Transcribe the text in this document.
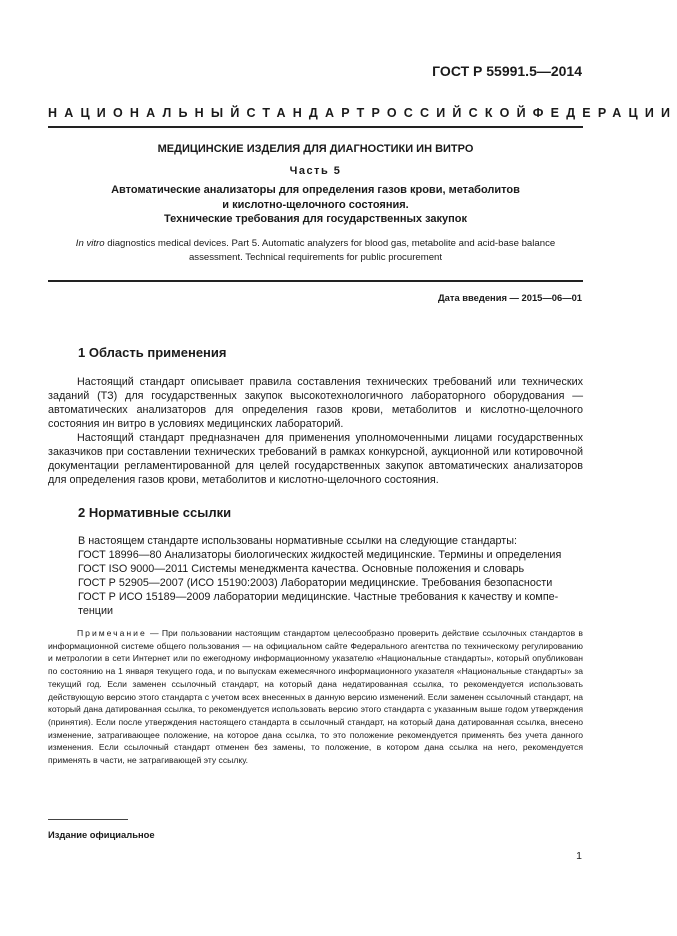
ГОСТ Р 55991.5—2014
НАЦИОНАЛЬНЫЙ СТАНДАРТ РОССИЙСКОЙ ФЕДЕРАЦИИ
МЕДИЦИНСКИЕ ИЗДЕЛИЯ ДЛЯ ДИАГНОСТИКИ ИН ВИТРО
Часть 5
Автоматические анализаторы для определения газов крови, метаболитов
и кислотно-щелочного состояния.
Технические требования для государственных закупок
In vitro diagnostics medical devices. Part 5. Automatic analyzers for blood gas, metabolite and acid-base balance
assessment. Technical requirements for public procurement
Дата введения — 2015—06—01
1 Область применения

Настоящий стандарт описывает правила составления технических требований или технических заданий (ТЗ) для государственных закупок высокотехнологичного лабораторного оборудования — автоматических анализаторов для определения газов крови, метаболитов и кислотно-щелочного состояния ин витро в условиях медицинских лабораторий.

Настоящий стандарт предназначен для применения уполномоченными лицами государственных заказчиков при составлении технических требований в рамках конкурсной, аукционной или котировочной документации регламентированной для целей государственных закупок автоматических анализаторов для определения газов крови, метаболитов и кислотно-щелочного состояния.

2 Нормативные ссылки
В настоящем стандарте использованы нормативные ссылки на следующие стандарты:
ГОСТ 18996—80 Анализаторы биологических жидкостей медицинские. Термины и определения
ГОСТ ISO 9000—2011 Системы менеджмента качества. Основные положения и словарь
ГОСТ Р 52905—2007 (ИСО 15190:2003) Лаборатории медицинские. Требования безопасности
ГОСТ Р ИСО 15189—2009 лаборатории медицинские. Частные требования к качеству и компе-
тенции

Примечание — При пользовании настоящим стандартом целесообразно проверить действие ссылочных стандартов в информационной системе общего пользования — на официальном сайте Федерального агентства по техническому регулированию и метрологии в сети Интернет или по ежегодному информационному указателю «Национальные стандарты», который опубликован по состоянию на 1 января текущего года, и по выпускам ежемесячного информационного указателя «Национальные стандарты» за текущий год. Если заменен ссылочный стандарт, на который дана недатированная ссылка, то рекомендуется использовать действующую версию этого стандарта с учетом всех внесенных в данную версию изменений. Если заменен ссылочный стандарт, на который дана датированная ссылка, то рекомендуется использовать версию этого стандарта с указанным выше годом утверждения (принятия). Если после утверждения настоящего стандарта в ссылочный стандарт, на который дана датированная ссылка, внесено изменение, затрагивающее положение, на которое дана ссылка, то это положение рекомендуется применять без учета данного изменения. Если ссылочный стандарт отменен без замены, то положение, в котором дана ссылка на него, рекомендуется применять в части, не затрагивающей эту ссылку.

Издание официальное
1
